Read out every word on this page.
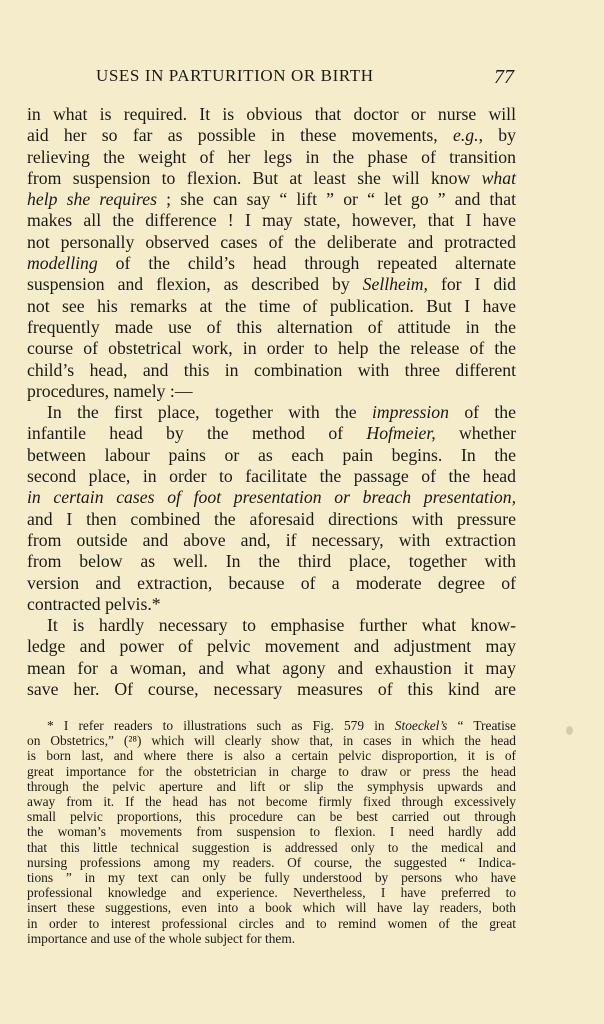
USES IN PARTURITION OR BIRTH	77
in what is required. It is obvious that doctor or nurse will
aid her so far as possible in these movements, e.g., by
relieving the weight of her legs in the phase of transition
from suspension to flexion. But at least she will know what
help she requires ; she can say “ lift ” or “ let go ” and that
makes all the difference ! I may state, however, that I have
not personally observed cases of the deliberate and protracted
modelling of the child’s head through repeated alternate
suspension and flexion, as described by Sellheim, for I did
not see his remarks at the time of publication. But I have
frequently made use of this alternation of attitude in the
course of obstetrical work, in order to help the release of the
child’s head, and this in combination with three different
procedures, namely :—
In the first place, together with the impression of the
infantile head by the method of Hofmeier, whether
between labour pains or as each pain begins. In the
second place, in order to facilitate the passage of the head
in certain cases of foot presentation or breach presentation,
and I then combined the aforesaid directions with pressure
from outside and above and, if necessary, with extraction
from below as well. In the third place, together with
version and extraction, because of a moderate degree of
contracted pelvis.*
It is hardly necessary to emphasise further what know-
ledge and power of pelvic movement and adjustment may
mean for a woman, and what agony and exhaustion it may
save her. Of course, necessary measures of this kind are
* I refer readers to illustrations such as Fig. 579 in Stoeckel’s “ Treatise
on Obstetrics,” (²⁸) which will clearly show that, in cases in which the head
is born last, and where there is also a certain pelvic disproportion, it is of
great importance for the obstetrician in charge to draw or press the head
through the pelvic aperture and lift or slip the symphysis upwards and
away from it. If the head has not become firmly fixed through excessively
small pelvic proportions, this procedure can be best carried out through
the woman’s movements from suspension to flexion. I need hardly add
that this little technical suggestion is addressed only to the medical and
nursing professions among my readers. Of course, the suggested “ Indica-
tions ” in my text can only be fully understood by persons who have
professional knowledge and experience. Nevertheless, I have preferred to
insert these suggestions, even into a book which will have lay readers, both
in order to interest professional circles and to remind women of the great
importance and use of the whole subject for them.
